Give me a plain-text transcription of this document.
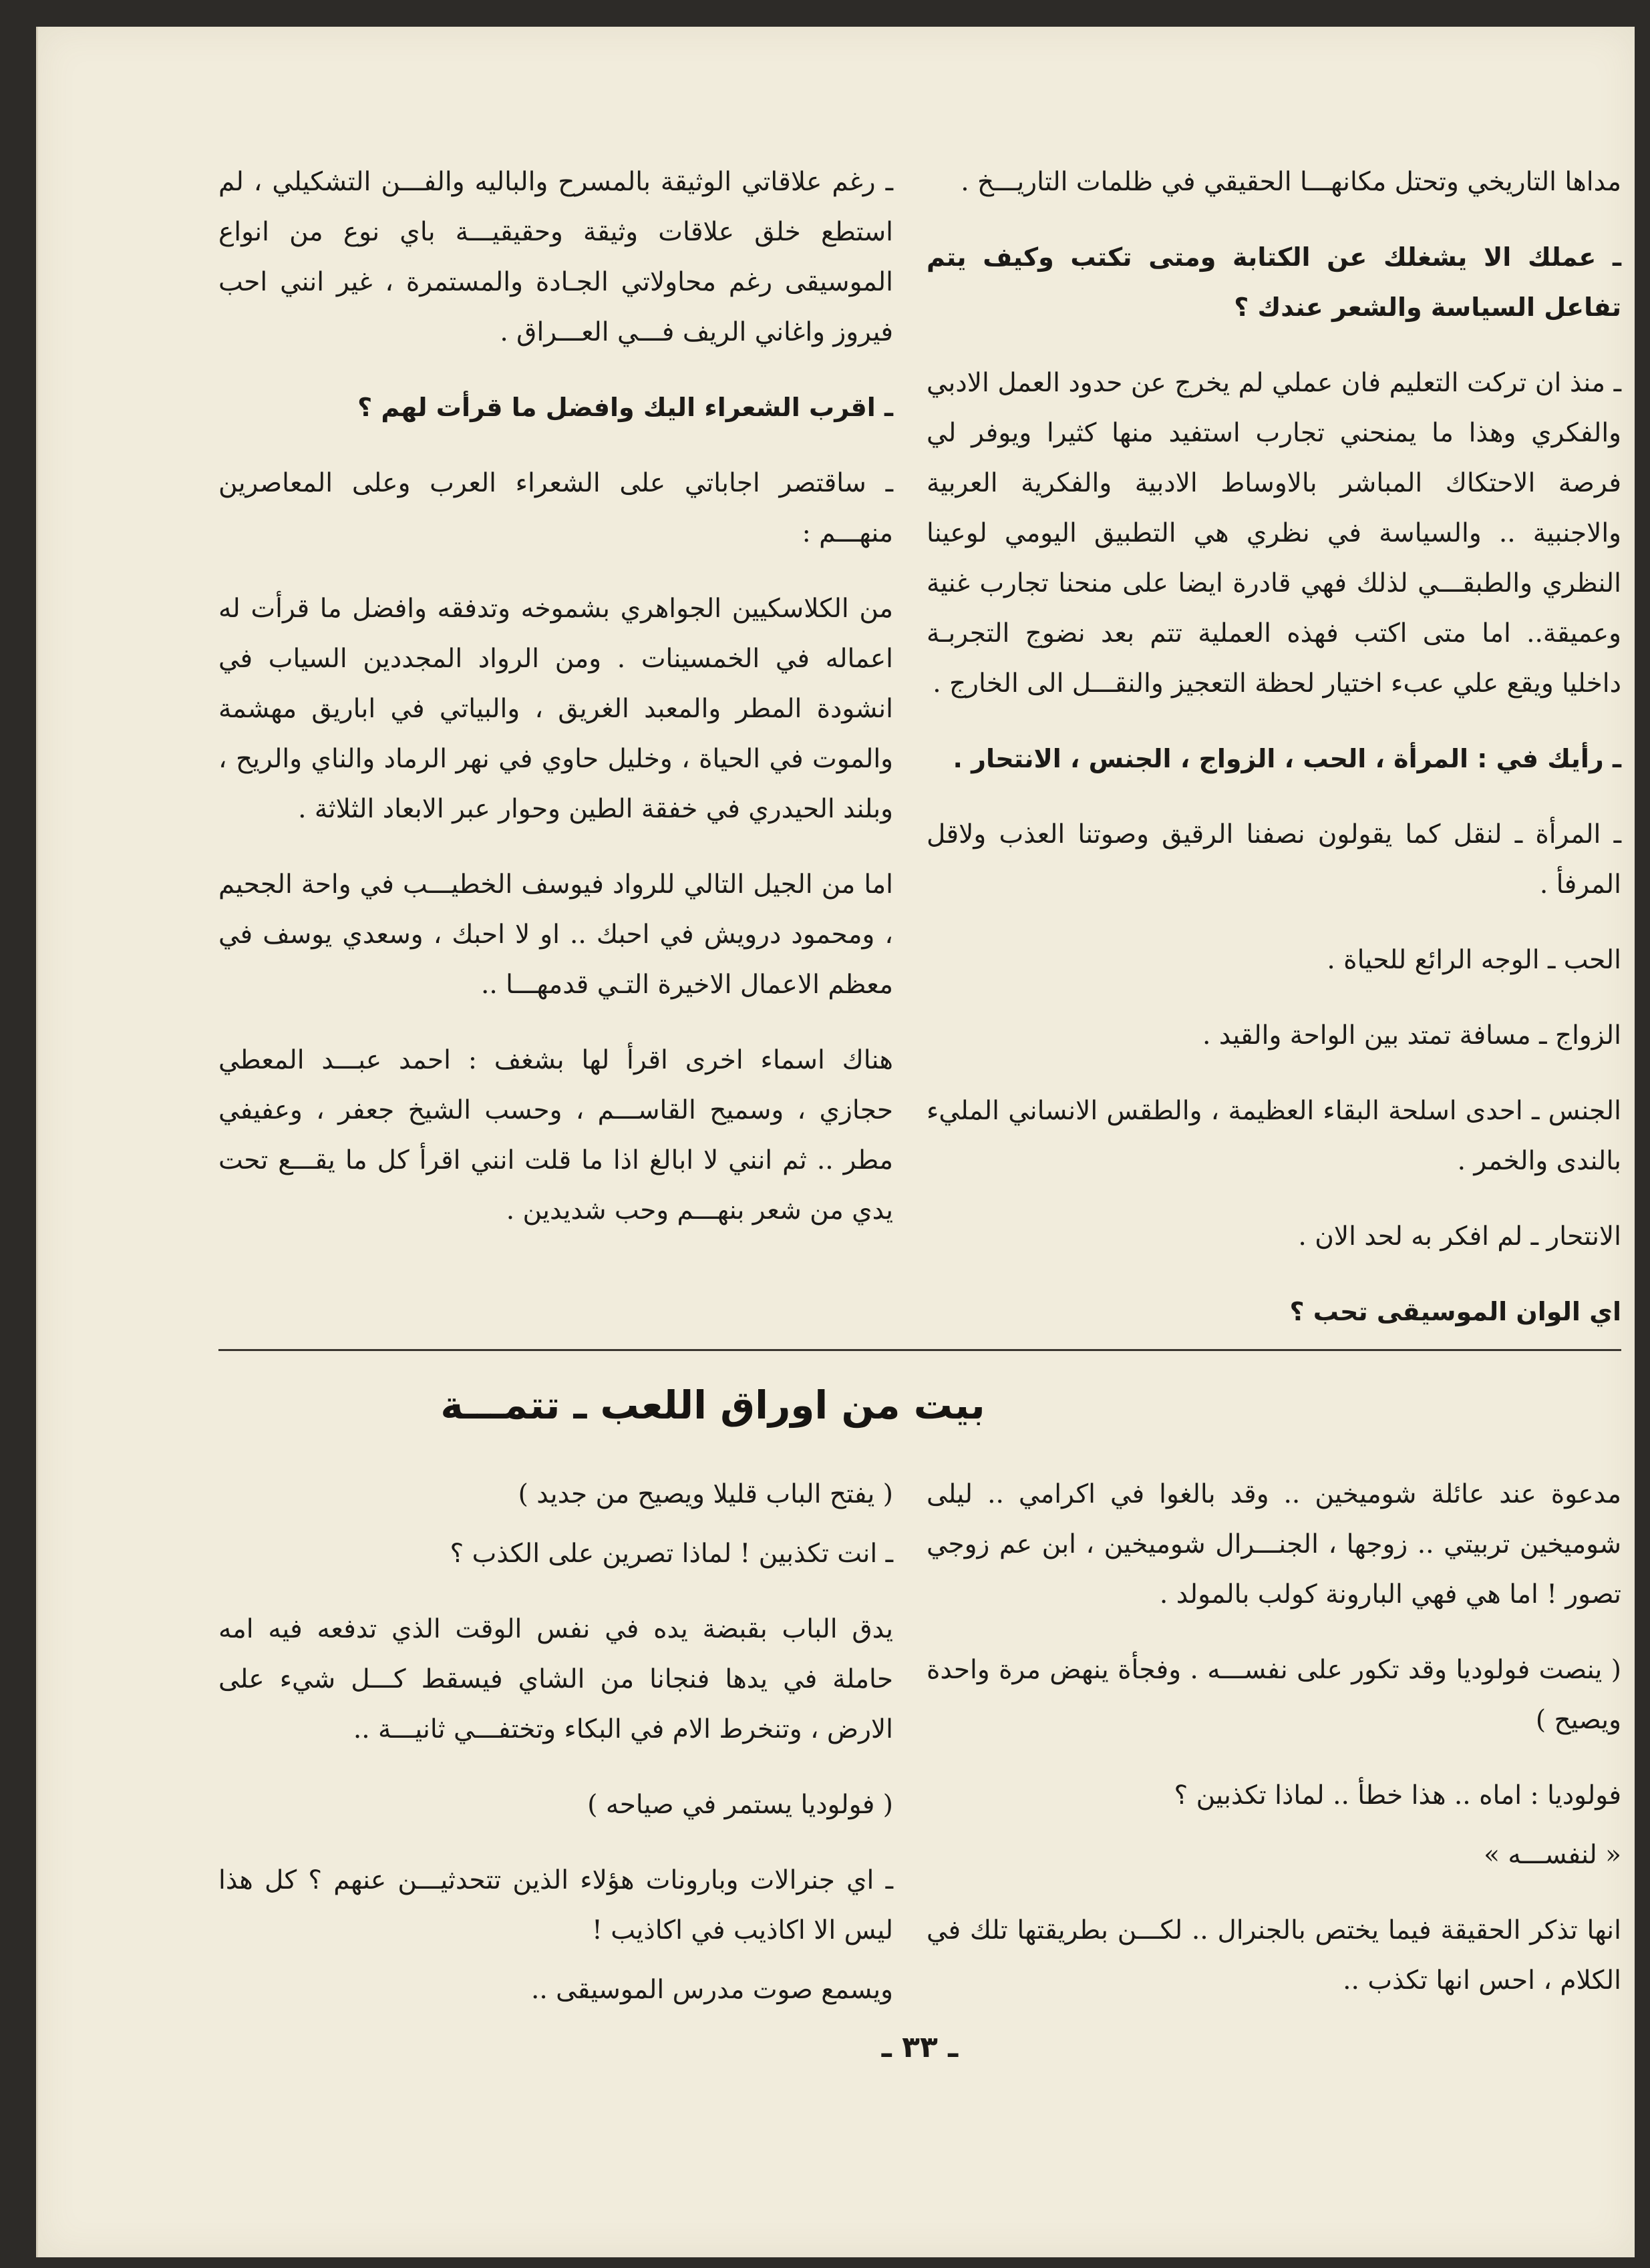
مداها التاريخي وتحتل مكانهـــا الحقيقي في ظلمات التاريـــخ .

ـ عملك الا يشغلك عن الكتابة ومتى تكتب وكيف يتم تفاعل السياسة والشعر عندك ؟

ـ منذ ان تركت التعليم فان عملي لم يخرج عن حدود العمل الادبي والفكري وهذا ما يمنحني تجارب استفيد منها كثيرا ويوفر لي فرصة الاحتكاك المباشر بالاوساط الادبية والفكرية العربية والاجنبية .. والسياسة في نظري هي التطبيق اليومي لوعينا النظري والطبقـــي لذلك فهي قادرة ايضا على منحنا تجارب غنية وعميقة.. اما متى اكتب فهذه العملية تتم بعد نضوج التجربـة داخليا ويقع علي عبء اختيار لحظة التعجيز والنقـــل الى الخارج .

ـ رأيك في : المرأة ، الحب ، الزواج ، الجنس ، الانتحار .

ـ المرأة ـ لنقل كما يقولون نصفنا الرقيق وصوتنا العذب ولاقل المرفأ .

الحب ـ الوجه الرائع للحياة .

الزواج ـ مسافة تمتد بين الواحة والقيد .

الجنس ـ احدى اسلحة البقاء العظيمة ، والطقس الانساني المليء بالندى والخمر .

الانتحار ـ لم افكر به لحد الان .

اي الوان الموسيقى تحب ؟

ـ رغم علاقاتي الوثيقة بالمسرح والباليه والفـــن التشكيلي ، لم استطع خلق علاقات وثيقة وحقيقيـــة باي نوع من انواع الموسيقى رغم محاولاتي الجـادة والمستمرة ، غير انني احب فيروز واغاني الريف فـــي العـــراق .

ـ اقرب الشعراء اليك وافضل ما قرأت لهم ؟

ـ ساقتصر اجاباتي على الشعراء العرب وعلى المعاصرين منهـــم :

من الكلاسكيين الجواهري بشموخه وتدفقه وافضل ما قرأت له اعماله في الخمسينات . ومن الرواد المجددين السياب في انشودة المطر والمعبد الغريق ، والبياتي في اباريق مهشمة والموت في الحياة ، وخليل حاوي في نهر الرماد والناي والريح ، وبلند الحيدري في خفقة الطين وحوار عبر الابعاد الثلاثة .

اما من الجيل التالي للرواد فيوسف الخطيـــب في واحة الجحيم ، ومحمود درويش في احبك .. او لا احبك ، وسعدي يوسف في معظم الاعمال الاخيرة التـي قدمهـــا ..

هناك اسماء اخرى اقرأ لها بشغف : احمد عبـــد المعطي حجازي ، وسميح القاســـم ، وحسب الشيخ جعفر ، وعفيفي مطر .. ثم انني لا ابالغ اذا ما قلت انني اقرأ كل ما يقـــع تحت يدي من شعر بنهـــم وحب شديدين .

بيت من اوراق اللعب ـ تتمـــة

مدعوة عند عائلة شوميخين .. وقد بالغوا في اكرامي .. ليلى شوميخين تربيتي .. زوجها ، الجنـــرال شوميخين ، ابن عم زوجي تصور ! اما هي فهي البارونة كولب بالمولد .

( ينصت فولوديا وقد تكور على نفســـه . وفجأة ينهض مرة واحدة ويصيح )

فولوديا : اماه .. هذا خطأ .. لماذا تكذبين ؟

« لنفســـه »

انها تذكر الحقيقة فيما يختص بالجنرال .. لكـــن بطريقتها تلك في الكلام ، احس انها تكذب ..

( يفتح الباب قليلا ويصيح من جديد )

ـ انت تكذبين ! لماذا تصرين على الكذب ؟

يدق الباب بقبضة يده في نفس الوقت الذي تدفعه فيه امه حاملة في يدها فنجانا من الشاي فيسقط كـــل شيء على الارض ، وتنخرط الام في البكاء وتختفـــي ثانيـــة ..

( فولوديا يستمر في صياحه )

ـ اي جنرالات وبارونات هؤلاء الذين تتحدثيـــن عنهم ؟ كل هذا ليس الا اكاذيب في اكاذيب !

ويسمع صوت مدرس الموسيقى ..

ـ ٣٣ ـ
